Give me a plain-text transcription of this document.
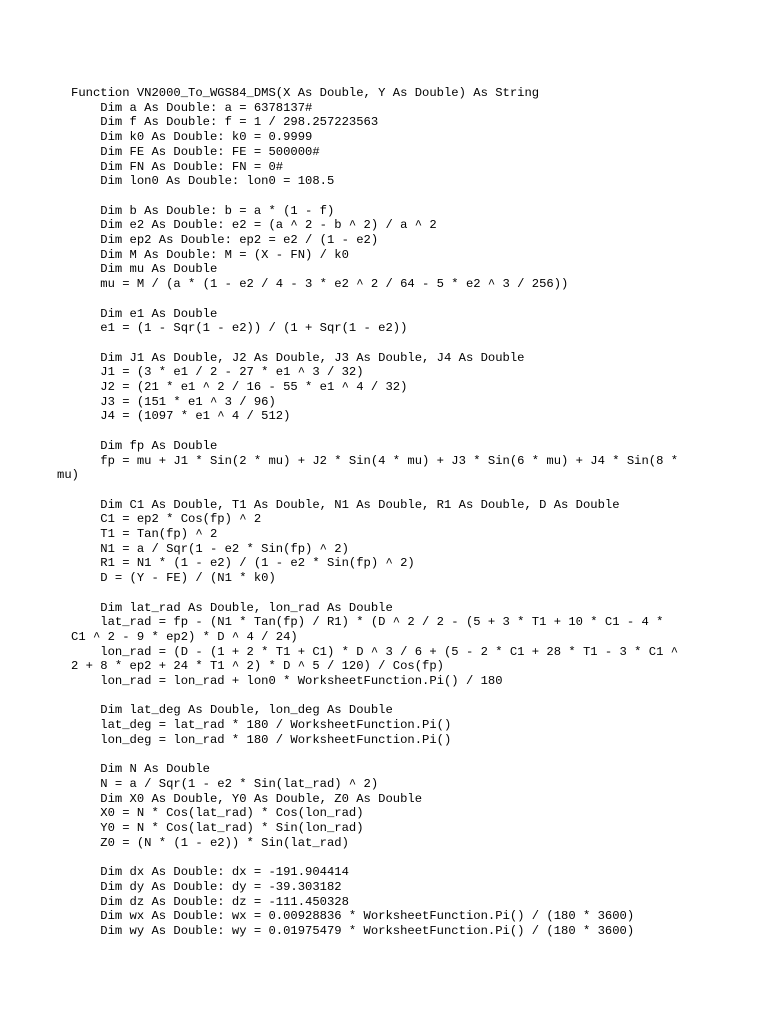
Function VN2000_To_WGS84_DMS(X As Double, Y As Double) As String
Dim a As Double: a = 6378137#
Dim f As Double: f = 1 / 298.257223563
Dim k0 As Double: k0 = 0.9999
Dim FE As Double: FE = 500000#
Dim FN As Double: FN = 0#
Dim lon0 As Double: lon0 = 108.5
Dim b As Double: b = a * (1 - f)
Dim e2 As Double: e2 = (a ^ 2 - b ^ 2) / a ^ 2
Dim ep2 As Double: ep2 = e2 / (1 - e2)
Dim M As Double: M = (X - FN) / k0
Dim mu As Double
mu = M / (a * (1 - e2 / 4 - 3 * e2 ^ 2 / 64 - 5 * e2 ^ 3 / 256))
Dim e1 As Double
e1 = (1 - Sqr(1 - e2)) / (1 + Sqr(1 - e2))
Dim J1 As Double, J2 As Double, J3 As Double, J4 As Double
J1 = (3 * e1 / 2 - 27 * e1 ^ 3 / 32)
J2 = (21 * e1 ^ 2 / 16 - 55 * e1 ^ 4 / 32)
J3 = (151 * e1 ^ 3 / 96)
J4 = (1097 * e1 ^ 4 / 512)
Dim fp As Double
fp = mu + J1 * Sin(2 * mu) + J2 * Sin(4 * mu) + J3 * Sin(6 * mu) + J4 * Sin(8 *
mu)
Dim C1 As Double, T1 As Double, N1 As Double, R1 As Double, D As Double
C1 = ep2 * Cos(fp) ^ 2
T1 = Tan(fp) ^ 2
N1 = a / Sqr(1 - e2 * Sin(fp) ^ 2)
R1 = N1 * (1 - e2) / (1 - e2 * Sin(fp) ^ 2)
D = (Y - FE) / (N1 * k0)
Dim lat_rad As Double, lon_rad As Double
lat_rad = fp - (N1 * Tan(fp) / R1) * (D ^ 2 / 2 - (5 + 3 * T1 + 10 * C1 - 4 *
C1 ^ 2 - 9 * ep2) * D ^ 4 / 24)
lon_rad = (D - (1 + 2 * T1 + C1) * D ^ 3 / 6 + (5 - 2 * C1 + 28 * T1 - 3 * C1 ^
2 + 8 * ep2 + 24 * T1 ^ 2) * D ^ 5 / 120) / Cos(fp)
lon_rad = lon_rad + lon0 * WorksheetFunction.Pi() / 180
Dim lat_deg As Double, lon_deg As Double
lat_deg = lat_rad * 180 / WorksheetFunction.Pi()
lon_deg = lon_rad * 180 / WorksheetFunction.Pi()
Dim N As Double
N = a / Sqr(1 - e2 * Sin(lat_rad) ^ 2)
Dim X0 As Double, Y0 As Double, Z0 As Double
X0 = N * Cos(lat_rad) * Cos(lon_rad)
Y0 = N * Cos(lat_rad) * Sin(lon_rad)
Z0 = (N * (1 - e2)) * Sin(lat_rad)
Dim dx As Double: dx = -191.904414
Dim dy As Double: dy = -39.303182
Dim dz As Double: dz = -111.450328
Dim wx As Double: wx = 0.00928836 * WorksheetFunction.Pi() / (180 * 3600)
Dim wy As Double: wy = 0.01975479 * WorksheetFunction.Pi() / (180 * 3600)
